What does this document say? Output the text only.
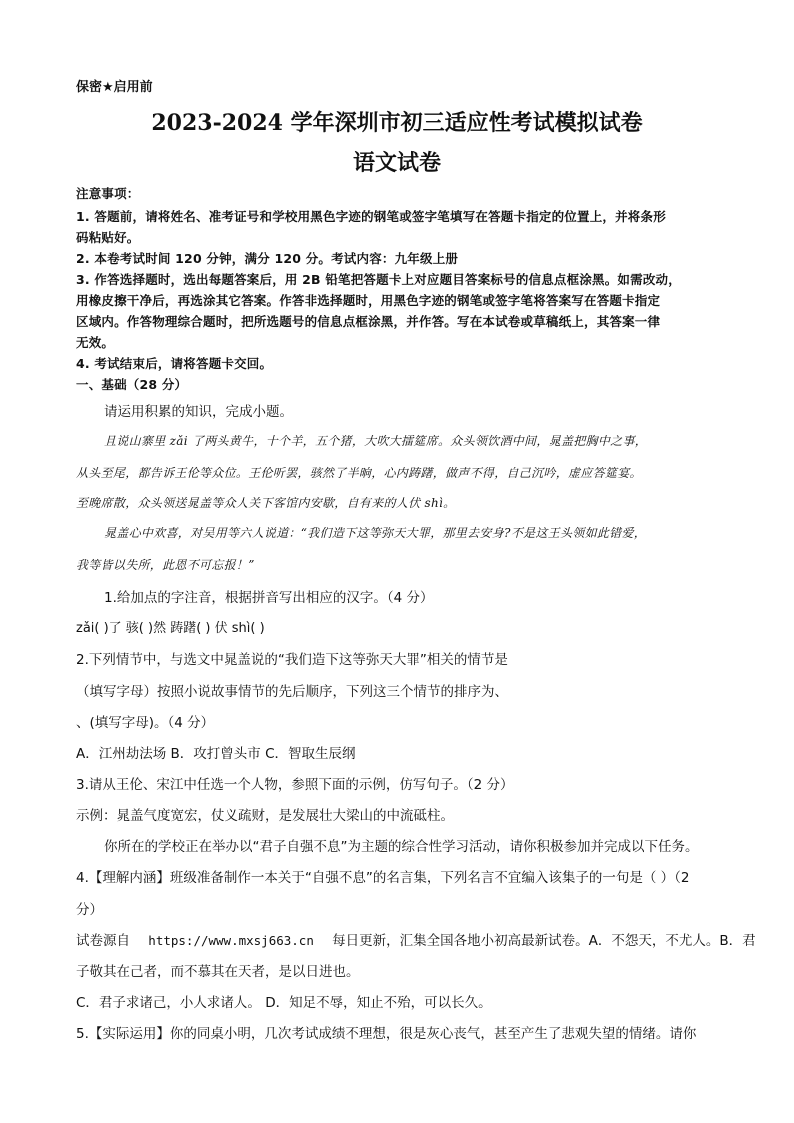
保密★启用前
2023-2024 学年深圳市初三适应性考试模拟试卷
语文试卷
注意事项：
1. 答题前，请将姓名、准考证号和学校用黑色字迹的钢笔或签字笔填写在答题卡指定的位置上，并将条形
码粘贴好。
2. 本卷考试时间 120 分钟，满分 120 分。考试内容：九年级上册
3. 作答选择题时，选出每题答案后，用 2B 铅笔把答题卡上对应题目答案标号的信息点框涂黑。如需改动，
用橡皮擦干净后，再选涂其它答案。作答非选择题时，用黑色字迹的钢笔或签字笔将答案写在答题卡指定
区域内。作答物理综合题时，把所选题号的信息点框涂黑，并作答。写在本试卷或草稿纸上，其答案一律
无效。
4. 考试结束后，请将答题卡交回。
一、基础（28 分）
请运用积累的知识，完成小题。
且说山寨里 zǎi 了两头黄牛，十个羊，五个猪，大吹大擂筵席。众头领饮酒中间，晁盖把胸中之事，
从头至尾，都告诉王伦等众位。王伦听罢，骇然了半晌，心内踌躇，做声不得，自己沉吟，虚应答筵宴。
至晚席散，众头领送晁盖等众人关下客馆内安歇，自有来的人伏 shì。
晁盖心中欢喜，对吴用等六人说道：“我们造下这等弥天大罪，那里去安身?不是这王头领如此错爱，
我等皆以失所，此恩不可忘报！”
1.给加点的字注音，根据拼音写出相应的汉字。（4 分）
zǎi( )了 骇( )然 踌躇( ) 伏 shì( )
2.下列情节中，与选文中晁盖说的“我们造下这等弥天大罪”相关的情节是
（填写字母）按照小说故事情节的先后顺序，下列这三个情节的排序为、
、(填写字母)。（4 分）
A．江州劫法场 B．攻打曾头市 C．智取生辰纲
3.请从王伦、宋江中任选一个人物，参照下面的示例，仿写句子。（2 分）
示例：晁盖气度宽宏，仗义疏财，是发展壮大梁山的中流砥柱。
你所在的学校正在举办以“君子自强不息”为主题的综合性学习活动，请你积极参加并完成以下任务。
4.【理解内涵】班级准备制作一本关于“自强不息”的名言集，下列名言不宜编入该集子的一句是（ ）（2
分）
试卷源自 https://www.mxsj663.cn 每日更新，汇集全国各地小初高最新试卷。A．不怨天，不尤人。B．君
子敬其在己者，而不慕其在天者，是以日进也。
C．君子求诸己，小人求诸人。 D．知足不辱，知止不殆，可以长久。
5.【实际运用】你的同桌小明，几次考试成绩不理想，很是灰心丧气，甚至产生了悲观失望的情绪。请你
